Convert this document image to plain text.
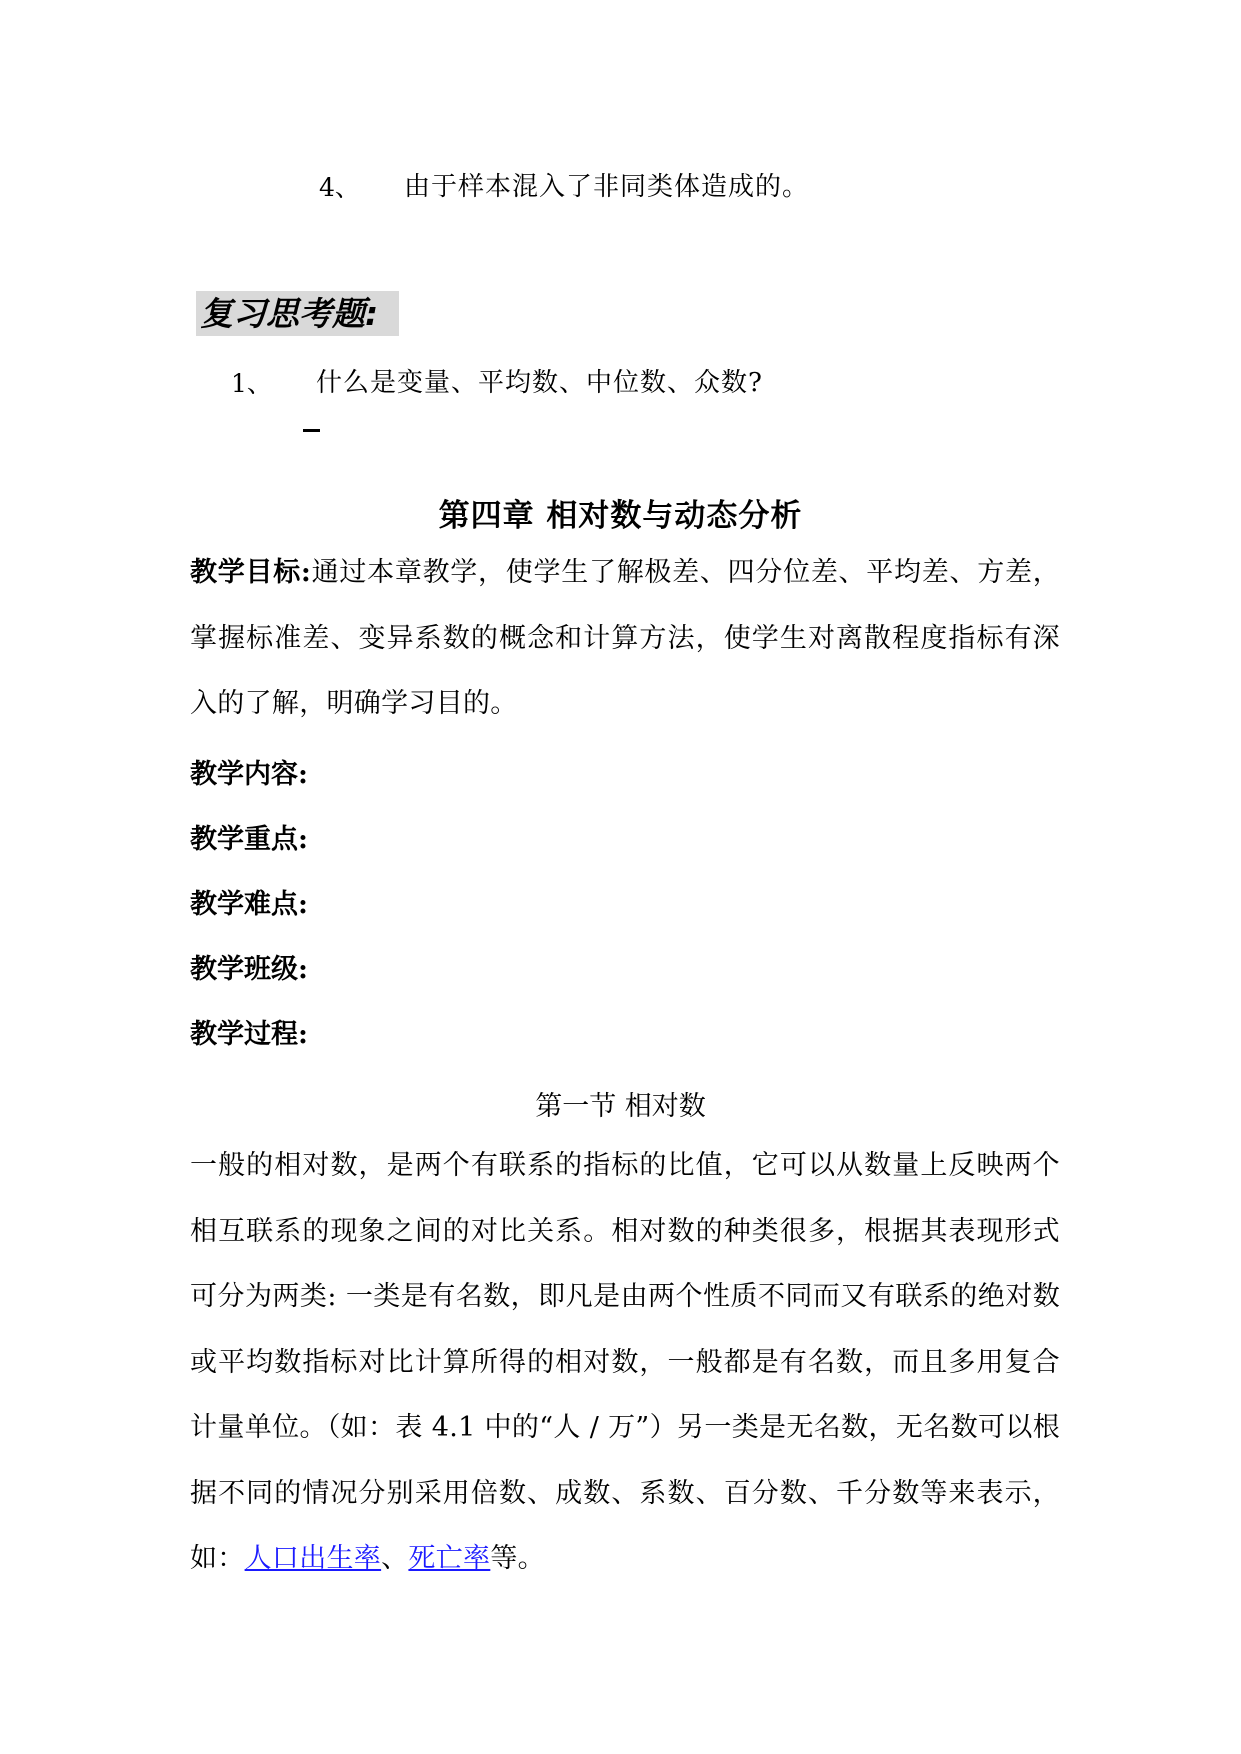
4、 由于样本混入了非同类体造成的。
复习思考题:
1、 什么是变量、平均数、中位数、众数?
第四章 相对数与动态分析
教学目标:通过本章教学，使学生了解极差、四分位差、平均差、方差，掌握标准差、变异系数的概念和计算方法，使学生对离散程度指标有深入的了解，明确学习目的。
教学内容:
教学重点:
教学难点:
教学班级:
教学过程:
第一节 相对数
一般的相对数，是两个有联系的指标的比值，它可以从数量上反映两个相互联系的现象之间的对比关系。相对数的种类很多，根据其表现形式可分为两类: 一类是有名数，即凡是由两个性质不同而又有联系的绝对数或平均数指标对比计算所得的相对数，一般都是有名数，而且多用复合计量单位。（如：表 4.1 中的“人 / 万”）另一类是无名数，无名数可以根据不同的情况分别采用倍数、成数、系数、百分数、千分数等来表示，如：人口出生率、死亡率等。
